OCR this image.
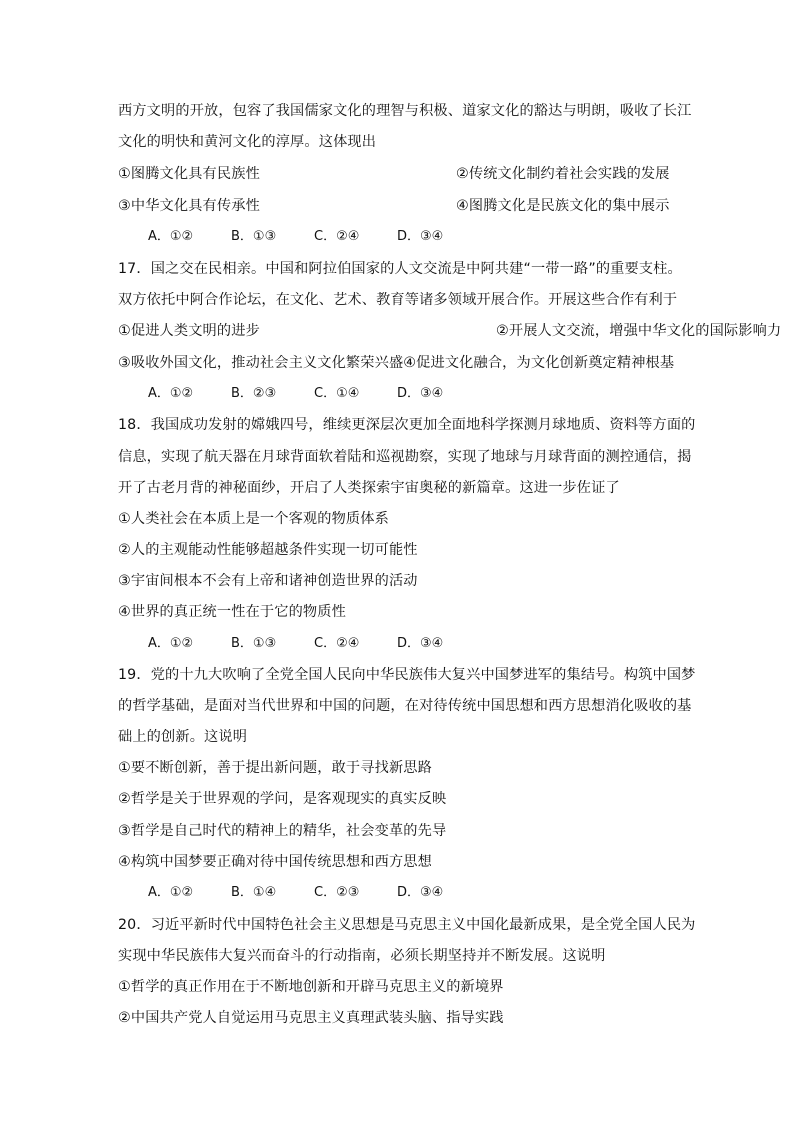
西方文明的开放，包容了我国儒家文化的理智与积极、道家文化的豁达与明朗，吸收了长江
文化的明快和黄河文化的淳厚。这体现出
①图腾文化具有民族性	②传统文化制约着社会实践的发展
③中华文化具有传承性	④图腾文化是民族文化的集中展示
A．①②	B．①③	C．②④	D．③④
17．国之交在民相亲。中国和阿拉伯国家的人文交流是中阿共建“一带一路”的重要支柱。
双方依托中阿合作论坛，在文化、艺术、教育等诸多领域开展合作。开展这些合作有利于
①促进人类文明的进步	②开展人文交流，增强中华文化的国际影响力
③吸收外国文化，推动社会主义文化繁荣兴盛④促进文化融合，为文化创新奠定精神根基
A．①②	B．②③	C．①④	D．③④
18．我国成功发射的嫦娥四号，维续更深层次更加全面地科学探测月球地质、资料等方面的
信息，实现了航天器在月球背面软着陆和巡视勘察，实现了地球与月球背面的测控通信，揭
开了古老月背的神秘面纱，开启了人类探索宇宙奥秘的新篇章。这进一步佐证了
①人类社会在本质上是一个客观的物质体系
②人的主观能动性能够超越条件实现一切可能性
③宇宙间根本不会有上帝和诸神创造世界的活动
④世界的真正统一性在于它的物质性
A．①②	B．①③	C．②④	D．③④
19．党的十九大吹响了全党全国人民向中华民族伟大复兴中国梦进军的集结号。构筑中国梦
的哲学基础，是面对当代世界和中国的问题，在对待传统中国思想和西方思想消化吸收的基
础上的创新。这说明
①要不断创新，善于提出新问题，敢于寻找新思路
②哲学是关于世界观的学问，是客观现实的真实反映
③哲学是自己时代的精神上的精华，社会变革的先导
④构筑中国梦要正确对待中国传统思想和西方思想
A．①②	B．①④	C．②③	D．③④
20．习近平新时代中国特色社会主义思想是马克思主义中国化最新成果，是全党全国人民为
实现中华民族伟大复兴而奋斗的行动指南，必须长期坚持并不断发展。这说明
①哲学的真正作用在于不断地创新和开辟马克思主义的新境界
②中国共产党人自觉运用马克思主义真理武装头脑、指导实践
